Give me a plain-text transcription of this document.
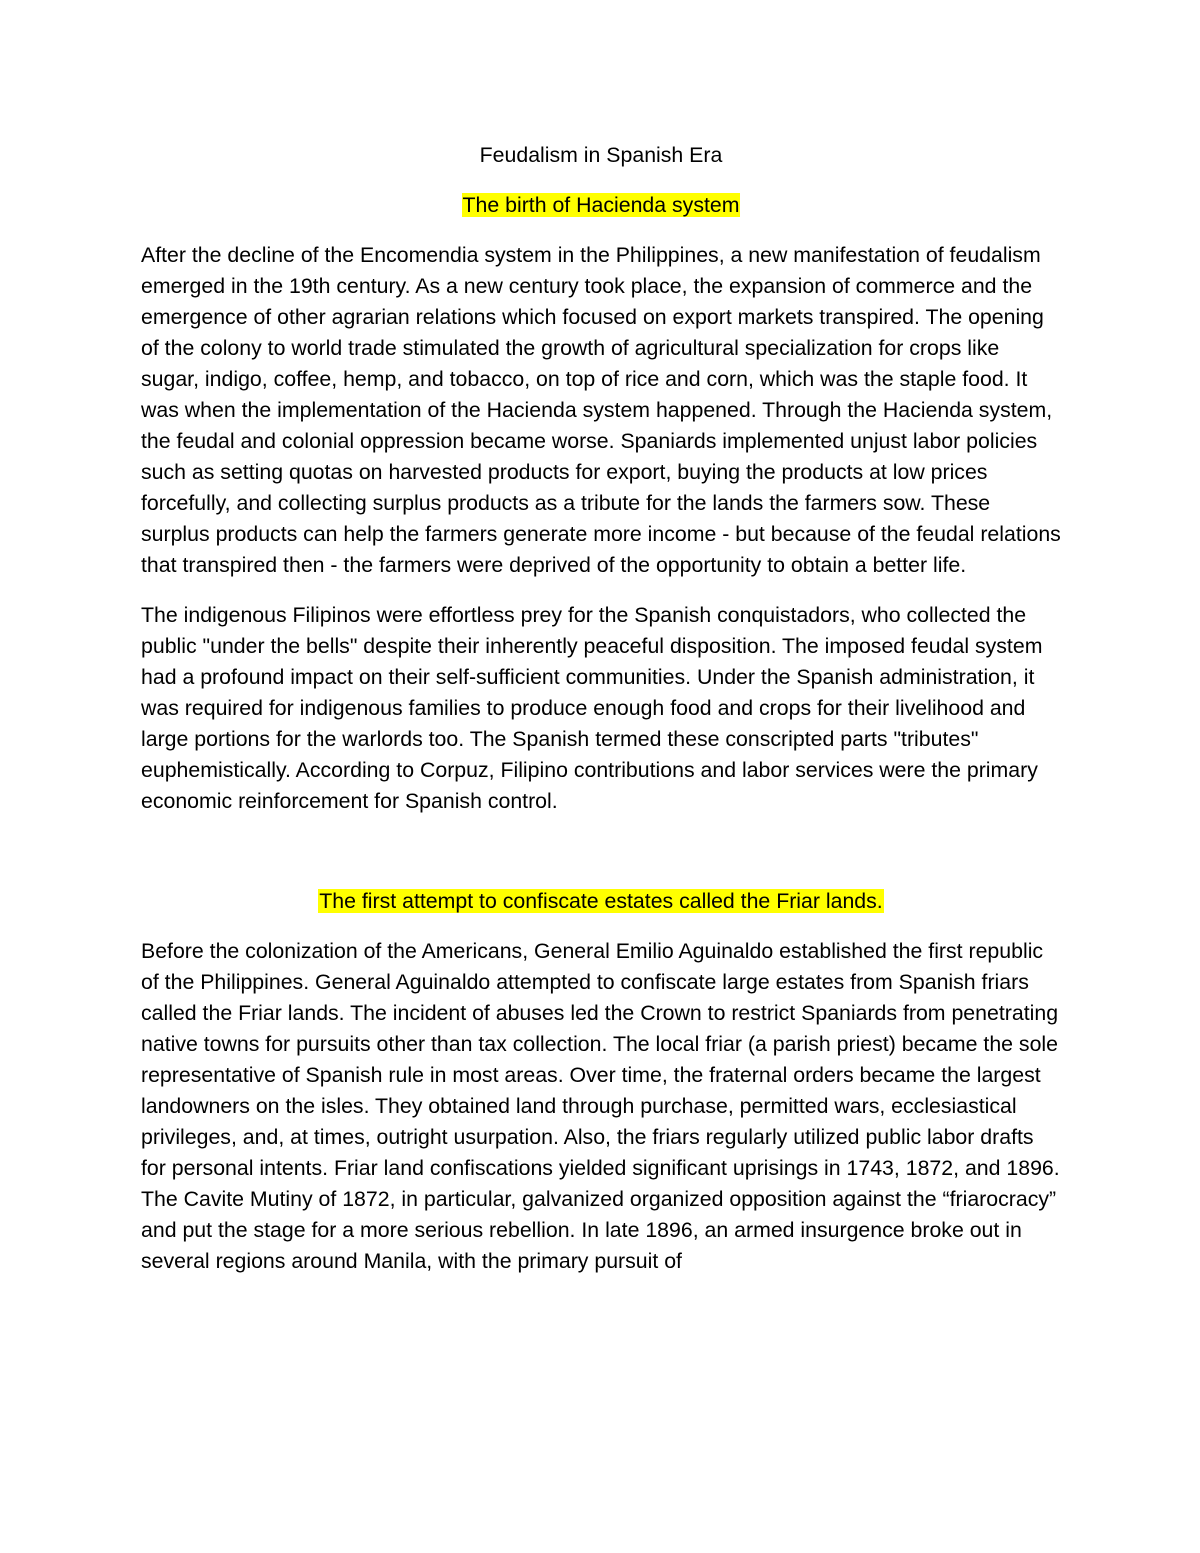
Feudalism in Spanish Era

The birth of Hacienda system

After the decline of the Encomendia system in the Philippines, a new manifestation of feudalism emerged in the 19th century. As a new century took place, the expansion of commerce and the emergence of other agrarian relations which focused on export markets transpired. The opening of the colony to world trade stimulated the growth of agricultural specialization for crops like sugar, indigo, coffee, hemp, and tobacco, on top of rice and corn, which was the staple food. It was when the implementation of the Hacienda system happened. Through the Hacienda system, the feudal and colonial oppression became worse. Spaniards implemented unjust labor policies such as setting quotas on harvested products for export, buying the products at low prices forcefully, and collecting surplus products as a tribute for the lands the farmers sow. These surplus products can help the farmers generate more income - but because of the feudal relations that transpired then - the farmers were deprived of the opportunity to obtain a better life.

The indigenous Filipinos were effortless prey for the Spanish conquistadors, who collected the public "under the bells" despite their inherently peaceful disposition. The imposed feudal system had a profound impact on their self-sufficient communities. Under the Spanish administration, it was required for indigenous families to produce enough food and crops for their livelihood and large portions for the warlords too. The Spanish termed these conscripted parts "tributes" euphemistically. According to Corpuz, Filipino contributions and labor services were the primary economic reinforcement for Spanish control.

The first attempt to confiscate estates called the Friar lands.

Before the colonization of the Americans, General Emilio Aguinaldo established the first republic of the Philippines. General Aguinaldo attempted to confiscate large estates from Spanish friars called the Friar lands. The incident of abuses led the Crown to restrict Spaniards from penetrating native towns for pursuits other than tax collection. The local friar (a parish priest) became the sole representative of Spanish rule in most areas. Over time, the fraternal orders became the largest landowners on the isles. They obtained land through purchase, permitted wars, ecclesiastical privileges, and, at times, outright usurpation. Also, the friars regularly utilized public labor drafts for personal intents. Friar land confiscations yielded significant uprisings in 1743, 1872, and 1896. The Cavite Mutiny of 1872, in particular, galvanized organized opposition against the “friarocracy” and put the stage for a more serious rebellion. In late 1896, an armed insurgence broke out in several regions around Manila, with the primary pursuit of
